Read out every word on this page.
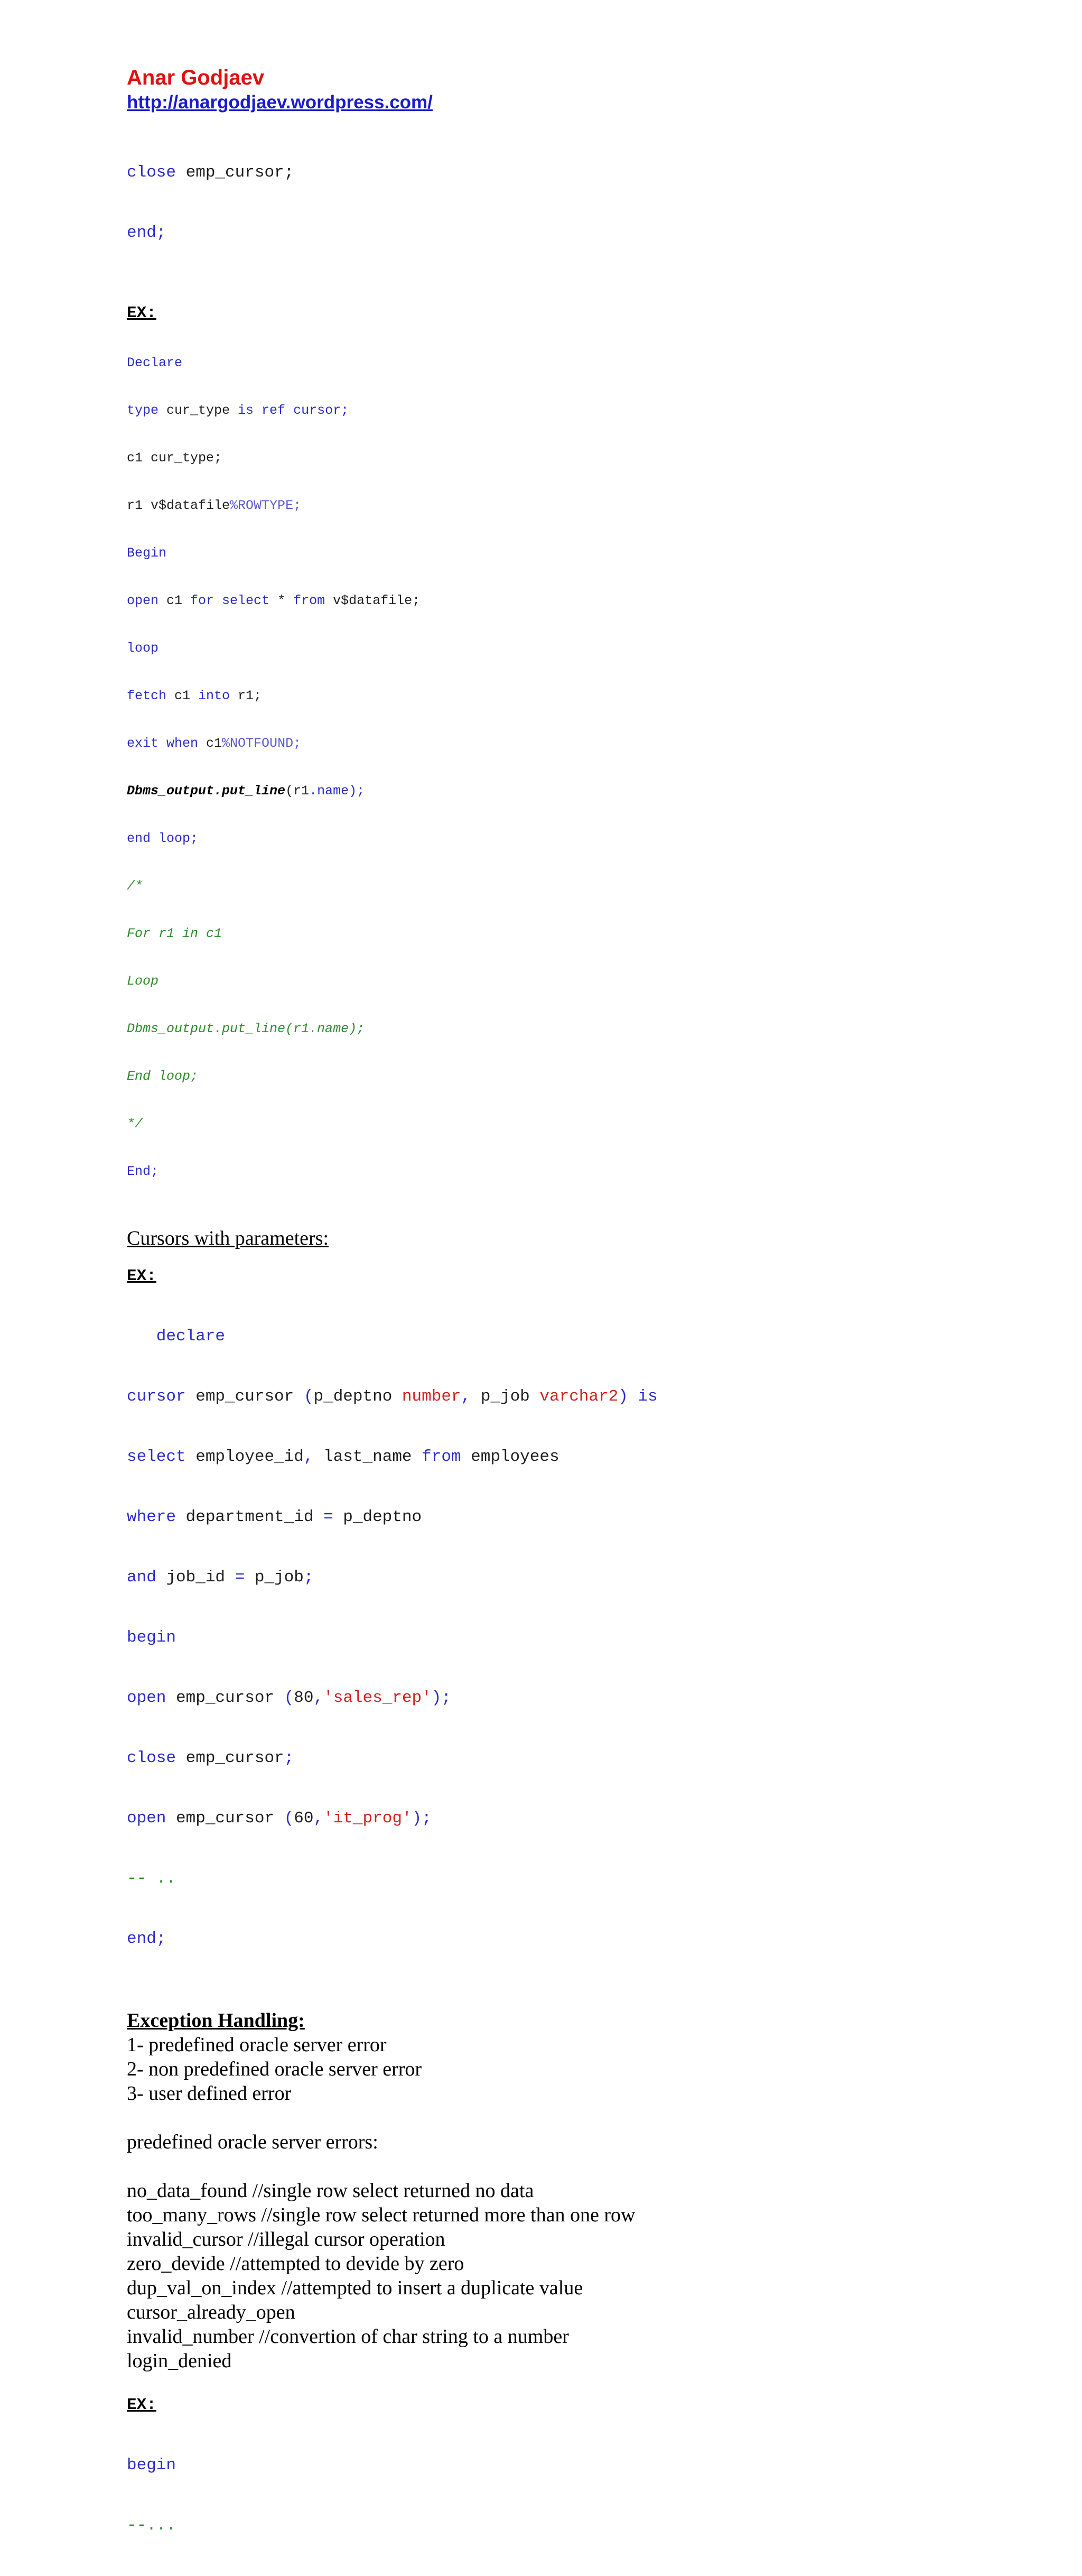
Anar Godjaev
http://anargodjaev.wordpress.com/

close emp_cursor;

end;

EX:

Declare

type cur_type is ref cursor;

c1 cur_type;

r1 v$datafile%ROWTYPE;

Begin

open c1 for select * from v$datafile;

loop

fetch c1 into r1;

exit when c1%NOTFOUND;

Dbms_output.put_line(r1.name);

end loop;

/*

For r1 in c1

Loop

Dbms_output.put_line(r1.name);

End loop;

*/

End;

Cursors with parameters:
EX:

declare

cursor emp_cursor (p_deptno number, p_job varchar2) is

select employee_id, last_name from employees

where department_id = p_deptno

and job_id = p_job;

begin

open emp_cursor (80,'sales_rep');

close emp_cursor;

open emp_cursor (60,'it_prog');

-- ..

end;

Exception Handling:
1- predefined oracle server error
2- non predefined oracle server error
3- user defined error
predefined oracle server errors:
no_data_found //single row select returned no data
too_many_rows //single row select returned more than one row
invalid_cursor //illegal cursor operation
zero_devide //attempted to devide by zero
dup_val_on_index //attempted to insert a duplicate value
cursor_already_open
invalid_number //convertion of char string to a number
login_denied
EX:

begin

--...
